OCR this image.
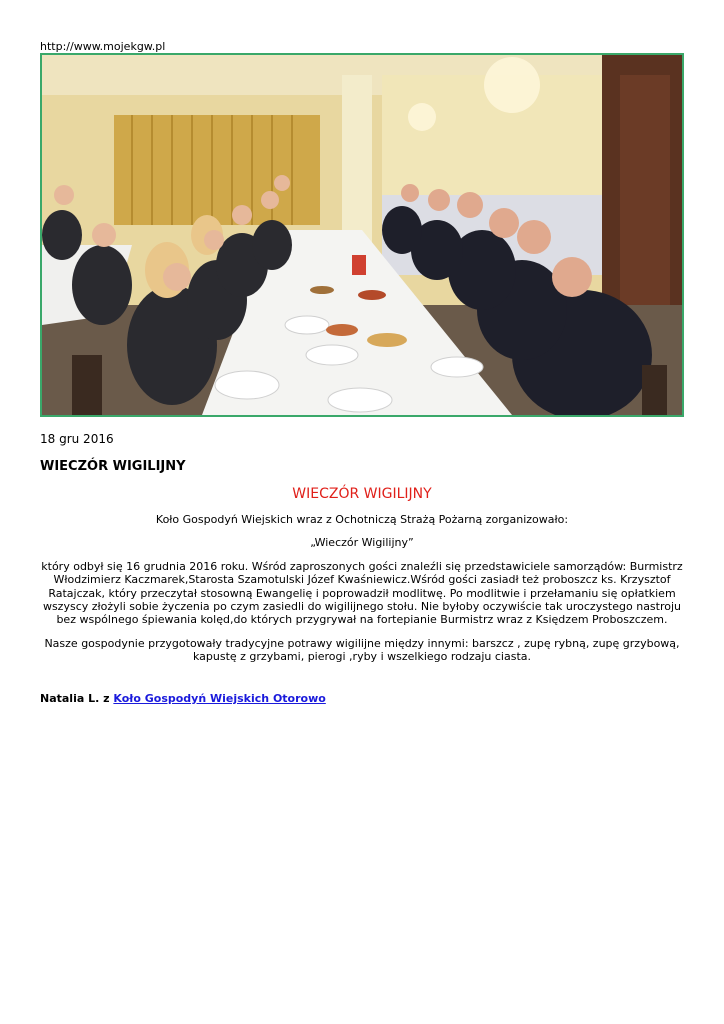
http://www.mojekgw.pl
18 gru 2016
WIECZÓR WIGILIJNY
WIECZÓR WIGILIJNY

Koło Gospodyń Wiejskich wraz z Ochotniczą Strażą Pożarną zorganizowało:

„Wieczór Wigilijny”

który odbył się 16 grudnia 2016 roku. Wśród zaproszonych gości znaleźli się przedstawiciele samorządów: Burmistrz Włodzimierz Kaczmarek,Starosta Szamotulski Józef Kwaśniewicz.Wśród gości zasiadł też proboszcz ks. Krzysztof Ratajczak, który przeczytał stosowną Ewangelię i poprowadził modlitwę. Po modlitwie i przełamaniu się opłatkiem wszyscy złożyli sobie życzenia po czym zasiedli do wigilijnego stołu. Nie byłoby oczywiście tak uroczystego nastroju bez wspólnego śpiewania kolęd,do których przygrywał na fortepianie Burmistrz wraz z Księdzem Proboszczem.

Nasze gospodynie przygotowały tradycyjne potrawy wigilijne między innymi: barszcz , zupę rybną, zupę grzybową, kapustę z grzybami, pierogi ,ryby i wszelkiego rodzaju ciasta.

Natalia L. z Koło Gospodyń Wiejskich Otorowo
